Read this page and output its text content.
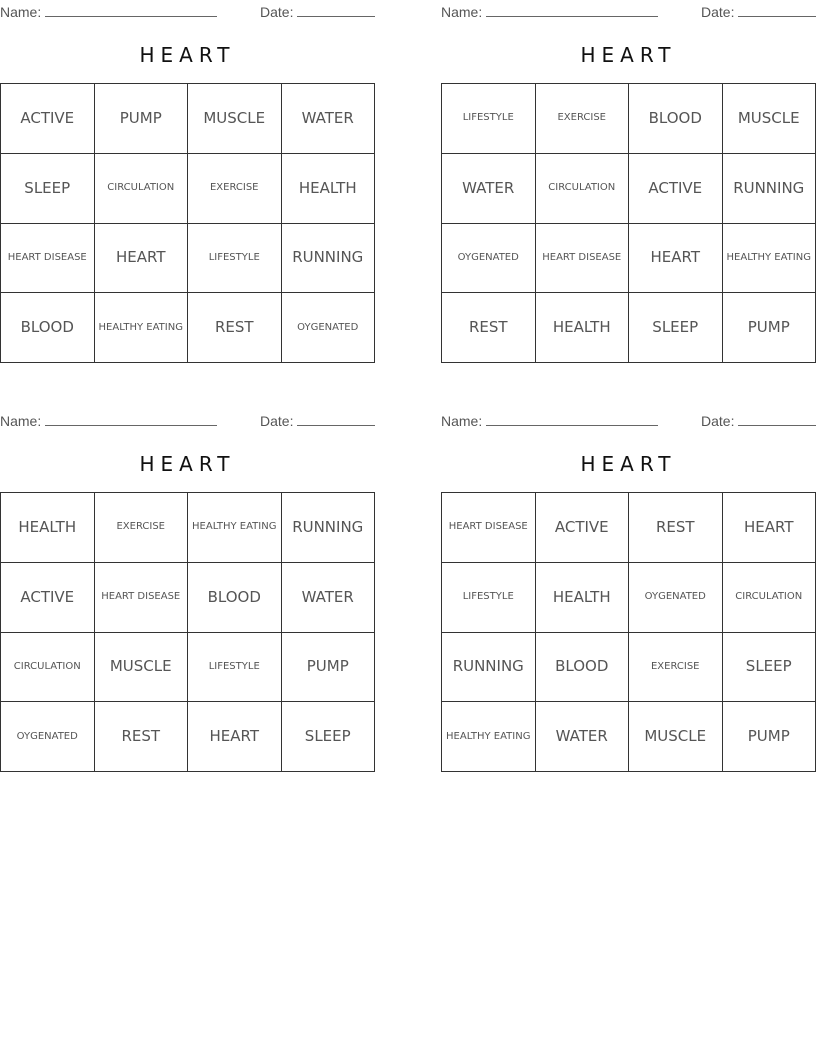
Name:	Date:
HEART
ACTIVE	PUMP	MUSCLE	WATER
SLEEP	CIRCULATION	EXERCISE	HEALTH
HEART DISEASE	HEART	LIFESTYLE	RUNNING
BLOOD	HEALTHY EATING	REST	OYGENATED
Name:	Date:
HEART
LIFESTYLE	EXERCISE	BLOOD	MUSCLE
WATER	CIRCULATION	ACTIVE	RUNNING
OYGENATED	HEART DISEASE	HEART	HEALTHY EATING
REST	HEALTH	SLEEP	PUMP
Name:	Date:
HEART
HEALTH	EXERCISE	HEALTHY EATING	RUNNING
ACTIVE	HEART DISEASE	BLOOD	WATER
CIRCULATION	MUSCLE	LIFESTYLE	PUMP
OYGENATED	REST	HEART	SLEEP
Name:	Date:
HEART
HEART DISEASE	ACTIVE	REST	HEART
LIFESTYLE	HEALTH	OYGENATED	CIRCULATION
RUNNING	BLOOD	EXERCISE	SLEEP
HEALTHY EATING	WATER	MUSCLE	PUMP
